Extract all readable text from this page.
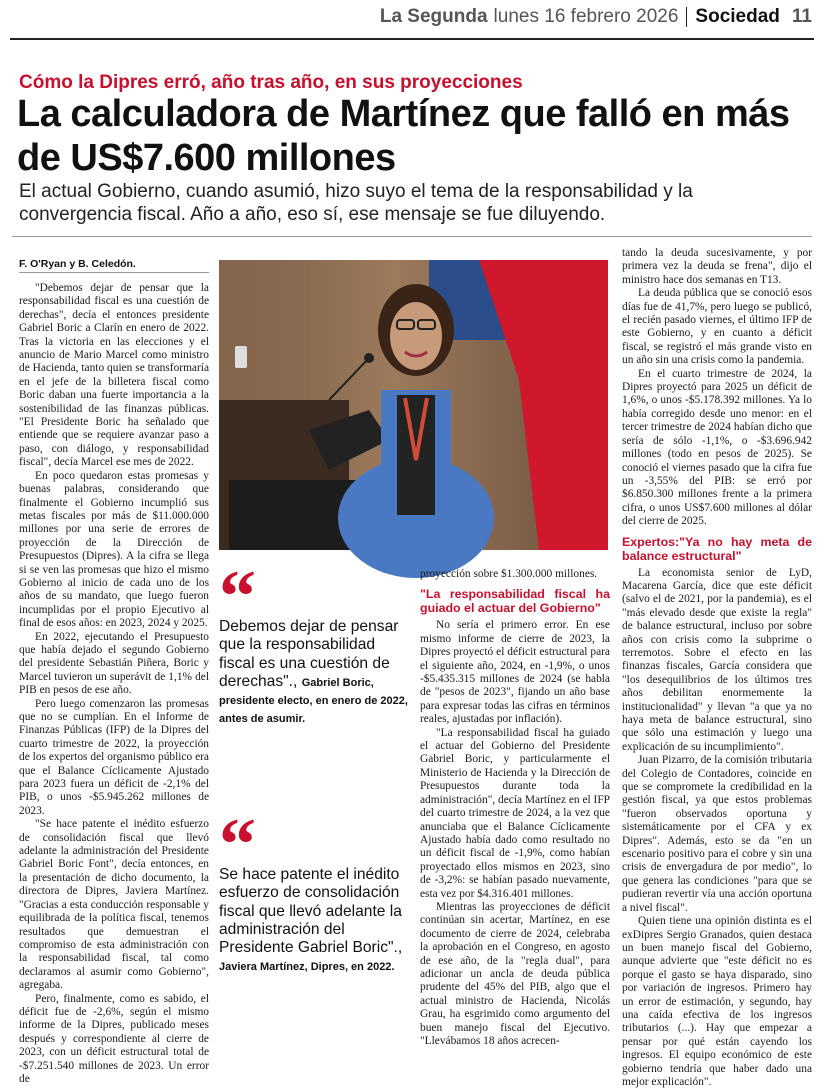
La Segunda lunes 16 febrero 2026 Sociedad 11
Cómo la Dipres erró, año tras año, en sus proyecciones
La calculadora de Martínez que falló en más de US$7.600 millones
El actual Gobierno, cuando asumió, hizo suyo el tema de la responsabilidad y la convergencia fiscal. Año a año, eso sí, ese mensaje se fue diluyendo.
F. O'Ryan y B. Celedón.

"Debemos dejar de pensar que la responsabilidad fiscal es una cuestión de derechas", decía el entonces presidente Gabriel Boric a Clarín en enero de 2022. Tras la victoria en las elecciones y el anuncio de Mario Marcel como ministro de Hacienda, tanto quien se transformaría en el jefe de la billetera fiscal como Boric daban una fuerte importancia a la sostenibilidad de las finanzas públicas. "El Presidente Boric ha señalado que entiende que se requiere avanzar paso a paso, con diálogo, y responsabilidad fiscal", decía Marcel ese mes de 2022.

En poco quedaron estas promesas y buenas palabras, considerando que finalmente el Gobierno incumplió sus metas fiscales por más de $11.000.000 millones por una serie de errores de proyección de la Dirección de Presupuestos (Dipres). A la cifra se llega si se ven las promesas que hizo el mismo Gobierno al inicio de cada uno de los años de su mandato, que luego fueron incumplidas por el propio Ejecutivo al final de esos años: en 2023, 2024 y 2025.

En 2022, ejecutando el Presupuesto que había dejado el segundo Gobierno del presidente Sebastián Piñera, Boric y Marcel tuvieron un superávit de 1,1% del PIB en pesos de ese año.

Pero luego comenzaron las promesas que no se cumplían. En el Informe de Finanzas Públicas (IFP) de la Dipres del cuarto trimestre de 2022, la proyección de los expertos del organismo público era que el Balance Cíclicamente Ajustado para 2023 fuera un déficit de -2,1% del PIB, o unos -$5.945.262 millones de 2023.

"Se hace patente el inédito esfuerzo de consolidación fiscal que llevó adelante la administración del Presidente Gabriel Boric Font", decía entonces, en la presentación de dicho documento, la directora de Dipres, Javiera Martínez. "Gracias a esta conducción responsable y equilibrada de la política fiscal, tenemos resultados que demuestran el compromiso de esta administración con la responsabilidad fiscal, tal como declaramos al asumir como Gobierno", agregaba.

Pero, finalmente, como es sabido, el déficit fue de -2,6%, según el mismo informe de la Dipres, publicado meses después y correspondiente al cierre de 2023, con un déficit estructural total de -$7.251.540 millones de 2023. Un error de

“
Debemos dejar de pensar que la responsabilidad fiscal es una cuestión de derechas"., Gabriel Boric, presidente electo, en enero de 2022, antes de asumir.
“
Se hace patente el inédito esfuerzo de consolidación fiscal que llevó adelante la administración del Presidente Gabriel Boric"., Javiera Martínez, Dipres, en 2022.

proyección sobre $1.300.000 millones.

"La responsabilidad fiscal ha guiado el actuar del Gobierno"

No sería el primero error. En ese mismo informe de cierre de 2023, la Dipres proyectó el déficit estructural para el siguiente año, 2024, en -1,9%, o unos -$5.435.315 millones de 2024 (se habla de "pesos de 2023", fijando un año base para expresar todas las cifras en términos reales, ajustadas por inflación).

"La responsabilidad fiscal ha guiado el actuar del Gobierno del Presidente Gabriel Boric, y particularmente el Ministerio de Hacienda y la Dirección de Presupuestos durante toda la administración", decía Martínez en el IFP del cuarto trimestre de 2024, a la vez que anunciaba que el Balance Cíclicamente Ajustado había dado como resultado no un déficit fiscal de -1,9%, como habían proyectado ellos mismos en 2023, sino de -3,2%: se habían pasado nuevamente, esta vez por $4.316.401 millones.

Mientras las proyecciones de déficit continúan sin acertar, Martínez, en ese documento de cierre de 2024, celebraba la aprobación en el Congreso, en agosto de ese año, de la "regla dual", para adicionar un ancla de deuda pública prudente del 45% del PIB, algo que el actual ministro de Hacienda, Nicolás Grau, ha esgrimido como argumento del buen manejo fiscal del Ejecutivo. "Llevábamos 18 años acrecen-

tando la deuda sucesivamente, y por primera vez la deuda se frena", dijo el ministro hace dos semanas en T13.

La deuda pública que se conoció esos días fue de 41,7%, pero luego se publicó, el recién pasado viernes, el último IFP de este Gobierno, y en cuanto a déficit fiscal, se registró el más grande visto en un año sin una crisis como la pandemia.

En el cuarto trimestre de 2024, la Dipres proyectó para 2025 un déficit de 1,6%, o unos -$5.178.392 millones. Ya lo había corregido desde uno menor: en el tercer trimestre de 2024 habían dicho que sería de sólo -1,1%, o -$3.696.942 millones (todo en pesos de 2025). Se conoció el viernes pasado que la cifra fue un -3,55% del PIB: se erró por $6.850.300 millones frente a la primera cifra, o unos US$7.600 millones al dólar del cierre de 2025.

Expertos:"Ya no hay meta de balance estructural"

La economista senior de LyD, Macarena García, dice que este déficit (salvo el de 2021, por la pandemia), es el "más elevado desde que existe la regla" de balance estructural, incluso por sobre años con crisis como la subprime o terremotos. Sobre el efecto en las finanzas fiscales, García considera que "los desequilibrios de los últimos tres años debilitan enormemente la institucionalidad" y llevan "a que ya no haya meta de balance estructural, sino que sólo una estimación y luego una explicación de su incumplimiento".

Juan Pizarro, de la comisión tributaria del Colegio de Contadores, coincide en que se compromete la credibilidad en la gestión fiscal, ya que estos problemas "fueron observados oportuna y sistemáticamente por el CFA y ex Dipres". Además, esto se da "en un escenario positivo para el cobre y sin una crisis de envergadura de por medio", lo que genera las condiciones "para que se pudieran revertir vía una acción oportuna a nivel fiscal".

Quien tiene una opinión distinta es el exDipres Sergio Granados, quien destaca un buen manejo fiscal del Gobierno, aunque advierte que "este déficit no es porque el gasto se haya disparado, sino por variación de ingresos. Primero hay un error de estimación, y segundo, hay una caída efectiva de los ingresos tributarios (...). Hay que empezar a pensar por qué están cayendo los ingresos. El equipo económico de este gobierno tendría que haber dado una mejor explicación".
